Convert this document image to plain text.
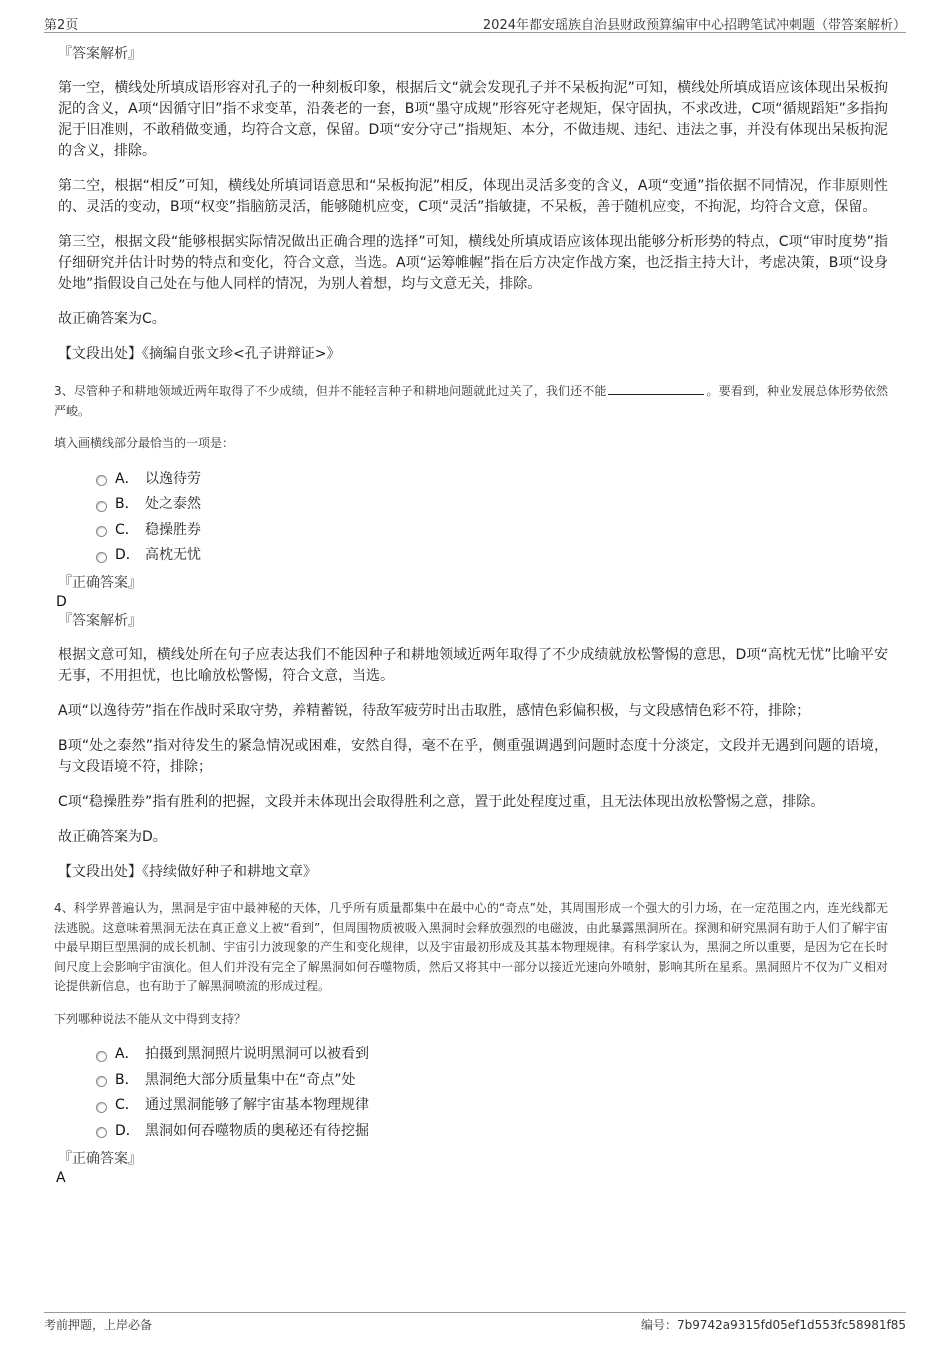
第2页	2024年都安瑶族自治县财政预算编审中心招聘笔试冲刺题（带答案解析）

『答案解析』

第一空，横线处所填成语形容对孔子的一种刻板印象，根据后文“就会发现孔子并不呆板拘泥”可知，横线处所填成语应该体现出呆板拘泥的含义，A项“因循守旧”指不求变革，沿袭老的一套，B项“墨守成规”形容死守老规矩，保守固执，不求改进，C项“循规蹈矩”多指拘泥于旧准则，不敢稍做变通，均符合文意，保留。D项“安分守己”指规矩、本分，不做违规、违纪、违法之事，并没有体现出呆板拘泥的含义，排除。

第二空，根据“相反”可知，横线处所填词语意思和“呆板拘泥”相反，体现出灵活多变的含义，A项“变通”指依据不同情况，作非原则性的、灵活的变动，B项“权变”指脑筋灵活，能够随机应变，C项“灵活”指敏捷，不呆板，善于随机应变，不拘泥，均符合文意，保留。

第三空，根据文段“能够根据实际情况做出正确合理的选择”可知，横线处所填成语应该体现出能够分析形势的特点，C项“审时度势”指仔细研究并估计时势的特点和变化，符合文意，当选。A项“运筹帷幄”指在后方决定作战方案，也泛指主持大计，考虑决策，B项“设身处地”指假设自己处在与他人同样的情况，为别人着想，均与文意无关，排除。

故正确答案为C。

【文段出处】《摘编自张文珍<孔子讲辩证>》

3、尽管种子和耕地领域近两年取得了不少成绩，但并不能轻言种子和耕地问题就此过关了，我们还不能	。要看到，种业发展总体形势依然严峻。

填入画横线部分最恰当的一项是：

A． 以逸待劳
B． 处之泰然
C． 稳操胜券
D． 高枕无忧

『正确答案』

D

『答案解析』

根据文意可知，横线处所在句子应表达我们不能因种子和耕地领域近两年取得了不少成绩就放松警惕的意思，D项“高枕无忧”比喻平安无事，不用担忧，也比喻放松警惕，符合文意，当选。

A项“以逸待劳”指在作战时采取守势，养精蓄锐，待敌军疲劳时出击取胜，感情色彩偏积极，与文段感情色彩不符，排除；

B项“处之泰然”指对待发生的紧急情况或困难，安然自得，毫不在乎，侧重强调遇到问题时态度十分淡定，文段并无遇到问题的语境，与文段语境不符，排除；

C项“稳操胜券”指有胜利的把握，文段并未体现出会取得胜利之意，置于此处程度过重，且无法体现出放松警惕之意，排除。

故正确答案为D。

【文段出处】《持续做好种子和耕地文章》

4、科学界普遍认为，黑洞是宇宙中最神秘的天体，几乎所有质量都集中在最中心的“奇点”处，其周围形成一个强大的引力场，在一定范围之内，连光线都无法逃脱。这意味着黑洞无法在真正意义上被“看到”，但周围物质被吸入黑洞时会释放强烈的电磁波，由此暴露黑洞所在。探测和研究黑洞有助于人们了解宇宙中最早期巨型黑洞的成长机制、宇宙引力波现象的产生和变化规律，以及宇宙最初形成及其基本物理规律。有科学家认为，黑洞之所以重要，是因为它在长时间尺度上会影响宇宙演化。但人们并没有完全了解黑洞如何吞噬物质，然后又将其中一部分以接近光速向外喷射，影响其所在星系。黑洞照片不仅为广义相对论提供新信息，也有助于了解黑洞喷流的形成过程。

下列哪种说法不能从文中得到支持？

A． 拍摄到黑洞照片说明黑洞可以被看到
B． 黑洞绝大部分质量集中在“奇点”处
C． 通过黑洞能够了解宇宙基本物理规律
D． 黑洞如何吞噬物质的奥秘还有待挖掘

『正确答案』

A

考前押题，上岸必备	编号：7b9742a9315fd05ef1d553fc58981f85
